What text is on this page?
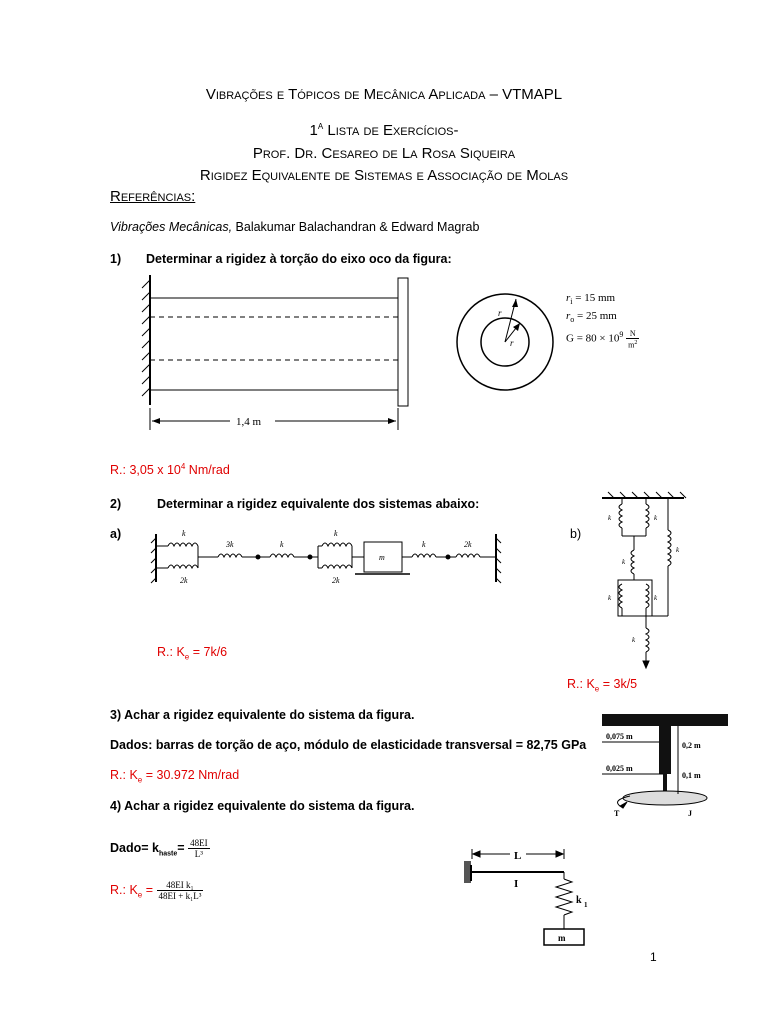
Vibrações e Tópicos de Mecânica Aplicada – VTMAPL
$1^A$ Lista de Exercícios-
Prof. Dr. Cesareo de La Rosa Siqueira
Rigidez Equivalente de Sistemas e Associação de Molas
Referências:
Vibrações Mecânicas, Balakumar Balachandran & Edward Magrab
1) Determinar a rigidez à torção do eixo oco da figura:
1,4 m
r
r
$r_i = 15$ mm
$r_o = 25$ mm
$G = 80 \times 10^9 \frac{N}{m^2}$
R.: 3,05 x $10^4$ Nm/rad
2)	Determinar a rigidez equivalente dos sistemas abaixo:
a)	b)
k
2k
3k	k
k
2k
m
k	2k
k	k
k
k
k	k
k
R.: $K_e = 7k/6$
R.: $K_e = 3k/5$
3) Achar a rigidez equivalente do sistema da figura.
Dados: barras de torção de aço, módulo de elasticidade transversal = 82,75 GPa
R.: $K_e = 30.972$ Nm/rad
0,075 m
0,2 m
0,025 m
0,1 m
T	J
4) Achar a rigidez equivalente do sistema da figura.
Dado= $k_{haste}= \frac{48EI}{\text{L³}}$
R.: $K_e = \frac{\text{48EI k₁}}{\text{48EI + k₁L³}}$
L
I
k 1
m
1
